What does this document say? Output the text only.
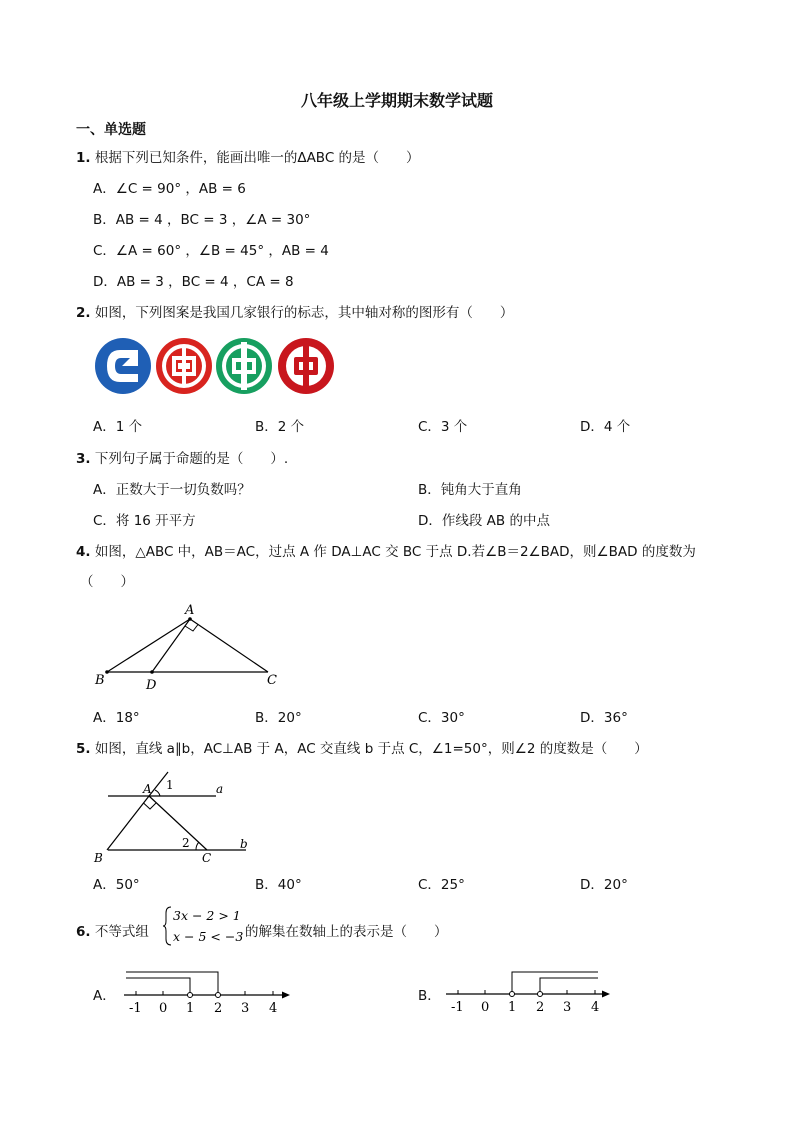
八年级上学期期末数学试题
一、单选题
1. 根据下列已知条件，能画出唯一的ΔABC 的是（　　）
A．∠C = 90° ，AB = 6
B．AB = 4 ，BC = 3 ，∠A = 30°
C．∠A = 60° ，∠B = 45° ，AB = 4
D．AB = 3 ，BC = 4 ，CA = 8
2. 如图，下列图案是我国几家银行的标志，其中轴对称的图形有（　　）
A．1 个	B．2 个	C．3 个	D．4 个
3. 下列句子属于命题的是（　　）.
A．正数大于一切负数吗？	B．钝角大于直角
C．将 16 开平方	D．作线段 AB 的中点
4. 如图，△ABC 中，AB＝AC，过点 A 作 DA⊥AC 交 BC 于点 D.若∠B＝2∠BAD，则∠BAD 的度数为
（　　）
A
B	D	C
A．18°	B．20°	C．30°	D．36°
5. 如图，直线 a∥b，AC⊥AB 于 A，AC 交直线 b 于点 C，∠1=50°，则∠2 的度数是（　　）
A 1	a
2	b
B	C
A．50°	B．40°	C．25°	D．20°
6. 不等式组
3x − 2 > 1
x − 5 < −3 的解集在数轴上的表示是（　　）
A．
-1 0 1 2 3 4
B．
-1 0 1 2 3 4
